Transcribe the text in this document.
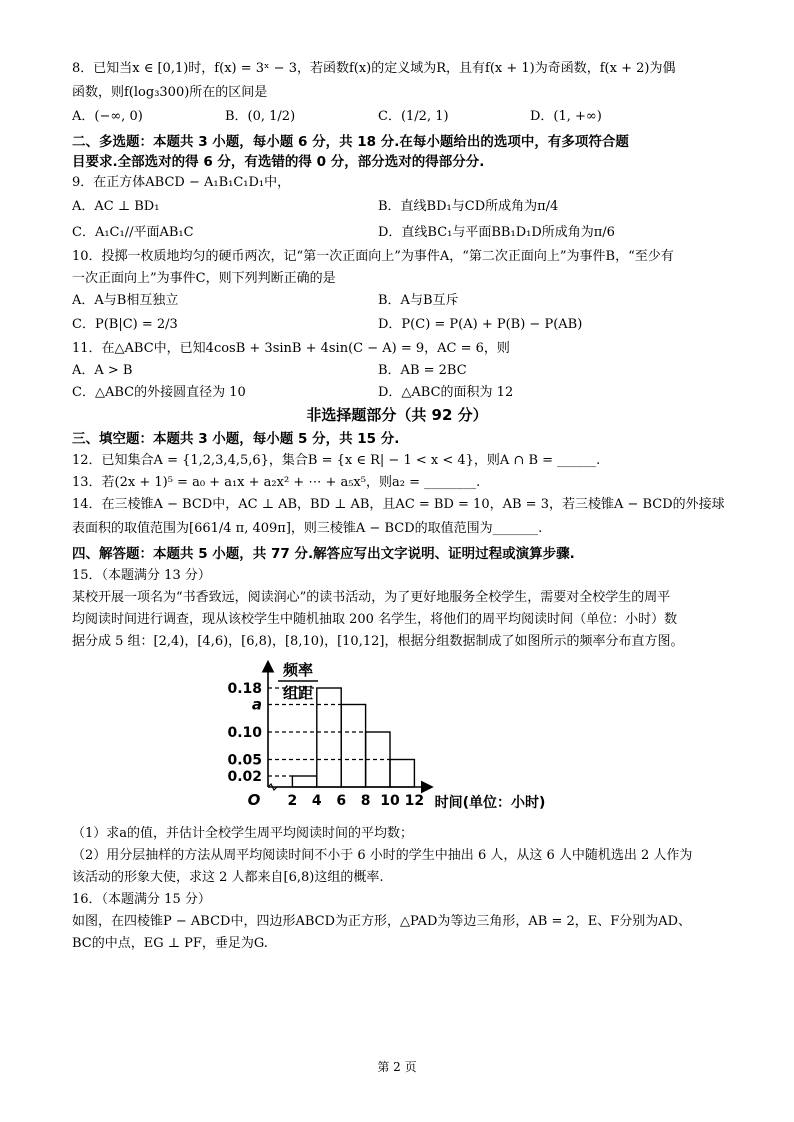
8．已知当x ∈ [0,1)时，f(x) = 3ˣ − 3，若函数f(x)的定义域为R，且有f(x + 1)为奇函数，f(x + 2)为偶
函数，则f(log₃300)所在的区间是
A．(−∞, 0)	B．(0, 1/2)	C．(1/2, 1)	D．(1, +∞)
二、多选题：本题共 3 小题，每小题 6 分，共 18 分.在每小题给出的选项中，有多项符合题
目要求.全部选对的得 6 分，有选错的得 0 分，部分选对的得部分分.
9．在正方体ABCD − A₁B₁C₁D₁中，
A．AC ⊥ BD₁	B．直线BD₁与CD所成角为π/4
C．A₁C₁//平面AB₁C	D．直线BC₁与平面BB₁D₁D所成角为π/6
10．投掷一枚质地均匀的硬币两次，记“第一次正面向上”为事件A，“第二次正面向上”为事件B，“至少有
一次正面向上”为事件C，则下列判断正确的是
A．A与B相互独立	B．A与B互斥
C．P(B|C) = 2/3	D．P(C) = P(A) + P(B) − P(AB)
11．在△ABC中，已知4cosB + 3sinB + 4sin(C − A) = 9，AC = 6，则
A．A > B	B．AB = 2BC
C．△ABC的外接圆直径为 10	D．△ABC的面积为 12
非选择题部分（共 92 分）
三、填空题：本题共 3 小题，每小题 5 分，共 15 分.
12．已知集合A = {1,2,3,4,5,6}，集合B = {x ∈ R| − 1 < x < 4}，则A ∩ B = ______.
13．若(2x + 1)⁵ = a₀ + a₁x + a₂x² + ⋯ + a₅x⁵，则a₂ = ________.
14．在三棱锥A − BCD中，AC ⊥ AB，BD ⊥ AB，且AC = BD = 10，AB = 3，若三棱锥A − BCD的外接球
表面积的取值范围为[661/4 π, 409π]，则三棱锥A − BCD的取值范围为_______.
四、解答题：本题共 5 小题，共 77 分.解答应写出文字说明、证明过程或演算步骤.
15．（本题满分 13 分）
某校开展一项名为“书香致远，阅读润心”的读书活动，为了更好地服务全校学生，需要对全校学生的周平
均阅读时间进行调查，现从该校学生中随机抽取 200 名学生，将他们的周平均阅读时间（单位：小时）数
据分成 5 组：[2,4)，[4,6)，[6,8)，[8,10)，[10,12]，根据分组数据制成了如图所示的频率分布直方图。
0.18
a
0.10
0.05
0.02
2 4 6 8 10 12
O
频率
组距
时间(单位：小时)
（1）求a的值，并估计全校学生周平均阅读时间的平均数；
（2）用分层抽样的方法从周平均阅读时间不小于 6 小时的学生中抽出 6 人，从这 6 人中随机选出 2 人作为
该活动的形象大使，求这 2 人都来自[6,8)这组的概率.
16．（本题满分 15 分）
如图，在四棱锥P − ABCD中，四边形ABCD为正方形，△PAD为等边三角形，AB = 2，E、F分别为AD、
BC的中点，EG ⊥ PF，垂足为G.
第 2 页
